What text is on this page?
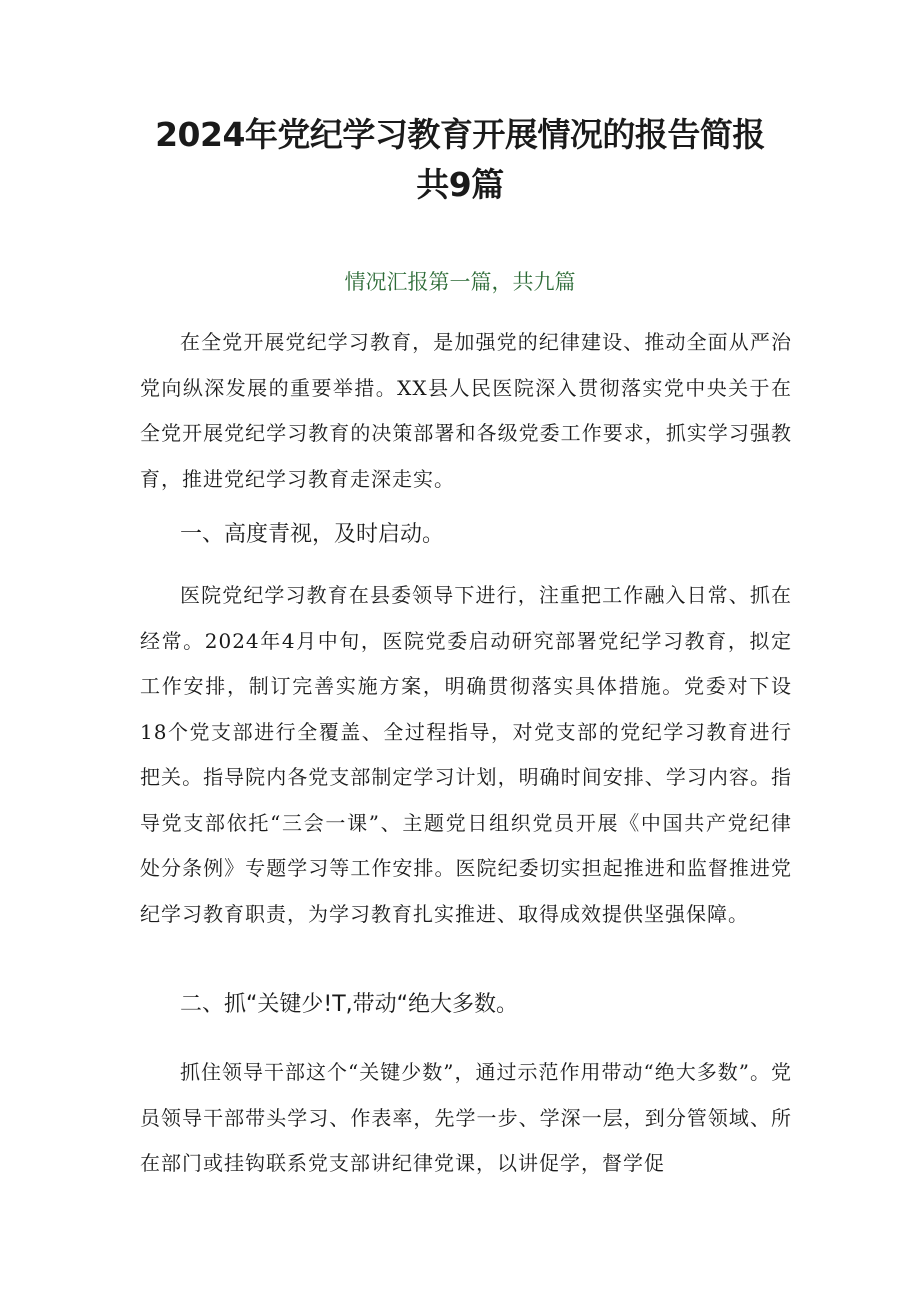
2024年党纪学习教育开展情况的报告简报
共9篇
情况汇报第一篇，共九篇

在全党开展党纪学习教育，是加强党的纪律建设、推动全面从严治党向纵深发展的重要举措。XX县人民医院深入贯彻落实党中央关于在全党开展党纪学习教育的决策部署和各级党委工作要求，抓实学习强教育，推进党纪学习教育走深走实。

一、高度青视，及时启动。

医院党纪学习教育在县委领导下进行，注重把工作融入日常、抓在经常。2024年4月中旬，医院党委启动研究部署党纪学习教育，拟定工作安排，制订完善实施方案，明确贯彻落实具体措施。党委对下设18个党支部进行全覆盖、全过程指导，对党支部的党纪学习教育进行把关。指导院内各党支部制定学习计划，明确时间安排、学习内容。指导党支部依托“三会一课”、主题党日组织党员开展《中国共产党纪律处分条例》专题学习等工作安排。医院纪委切实担起推进和监督推进党纪学习教育职责，为学习教育扎实推进、取得成效提供坚强保障。

二、抓“关键少!T,带动“绝大多数。

抓住领导干部这个“关键少数”，通过示范作用带动“绝大多数”。党员领导干部带头学习、作表率，先学一步、学深一层，到分管领域、所在部门或挂钩联系党支部讲纪律党课，以讲促学，督学促
